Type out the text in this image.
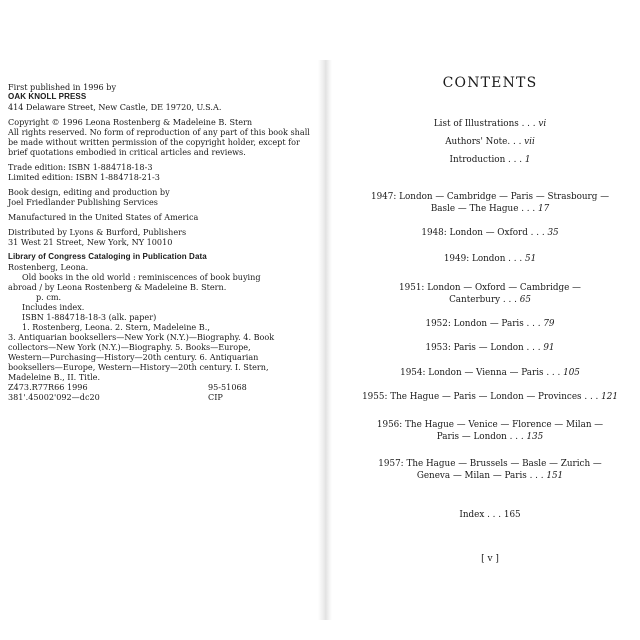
First published in 1996 by

OAK KNOLL PRESS

414 Delaware Street, New Castle, DE 19720, U.S.A.

Copyright © 1996 Leona Rostenberg & Madeleine B. Stern

All rights reserved. No form of reproduction of any part of this book shall

be made without written permission of the copyright holder, except for

brief quotations embodied in critical articles and reviews.

Trade edition: ISBN 1-884718-18-3

Limited edition: ISBN 1-884718-21-3

Book design, editing and production by

Joel Friedlander Publishing Services

Manufactured in the United States of America

Distributed by Lyons & Burford, Publishers

31 West 21 Street, New York, NY 10010

Library of Congress Cataloging in Publication Data

Rostenberg, Leona.

Old books in the old world : reminiscences of book buying

abroad / by Leona Rostenberg & Madeleine B. Stern.

p. cm.

Includes index.

ISBN 1-884718-18-3 (alk. paper)

1. Rostenberg, Leona. 2. Stern, Madeleine B.,

3. Antiquarian booksellers—New York (N.Y.)—Biography. 4. Book

collectors—New York (N.Y.)—Biography. 5. Books—Europe,

Western—Purchasing—History—20th century. 6. Antiquarian

booksellers—Europe, Western—History—20th century. I. Stern,

Madeleine B., II. Title.

Z473.R77R66 1996	95-51068
381'.45002'092—dc20	CIP
CONTENTS
List of Illustrations . . . vi
Authors' Note. . . vii
Introduction . . . 1
1947: London — Cambridge — Paris — Strasbourg —
Basle — The Hague . . . 17
1948: London — Oxford . . . 35
1949: London . . . 51
1951: London — Oxford — Cambridge —
Canterbury . . . 65
1952: London — Paris . . . 79
1953: Paris — London . . . 91
1954: London — Vienna — Paris . . . 105
1955: The Hague — Paris — London — Provinces . . . 121
1956: The Hague — Venice — Florence — Milan —
Paris — London . . . 135
1957: The Hague — Brussels — Basle — Zurich —
Geneva — Milan — Paris . . . 151
Index . . . 165
[ v ]
